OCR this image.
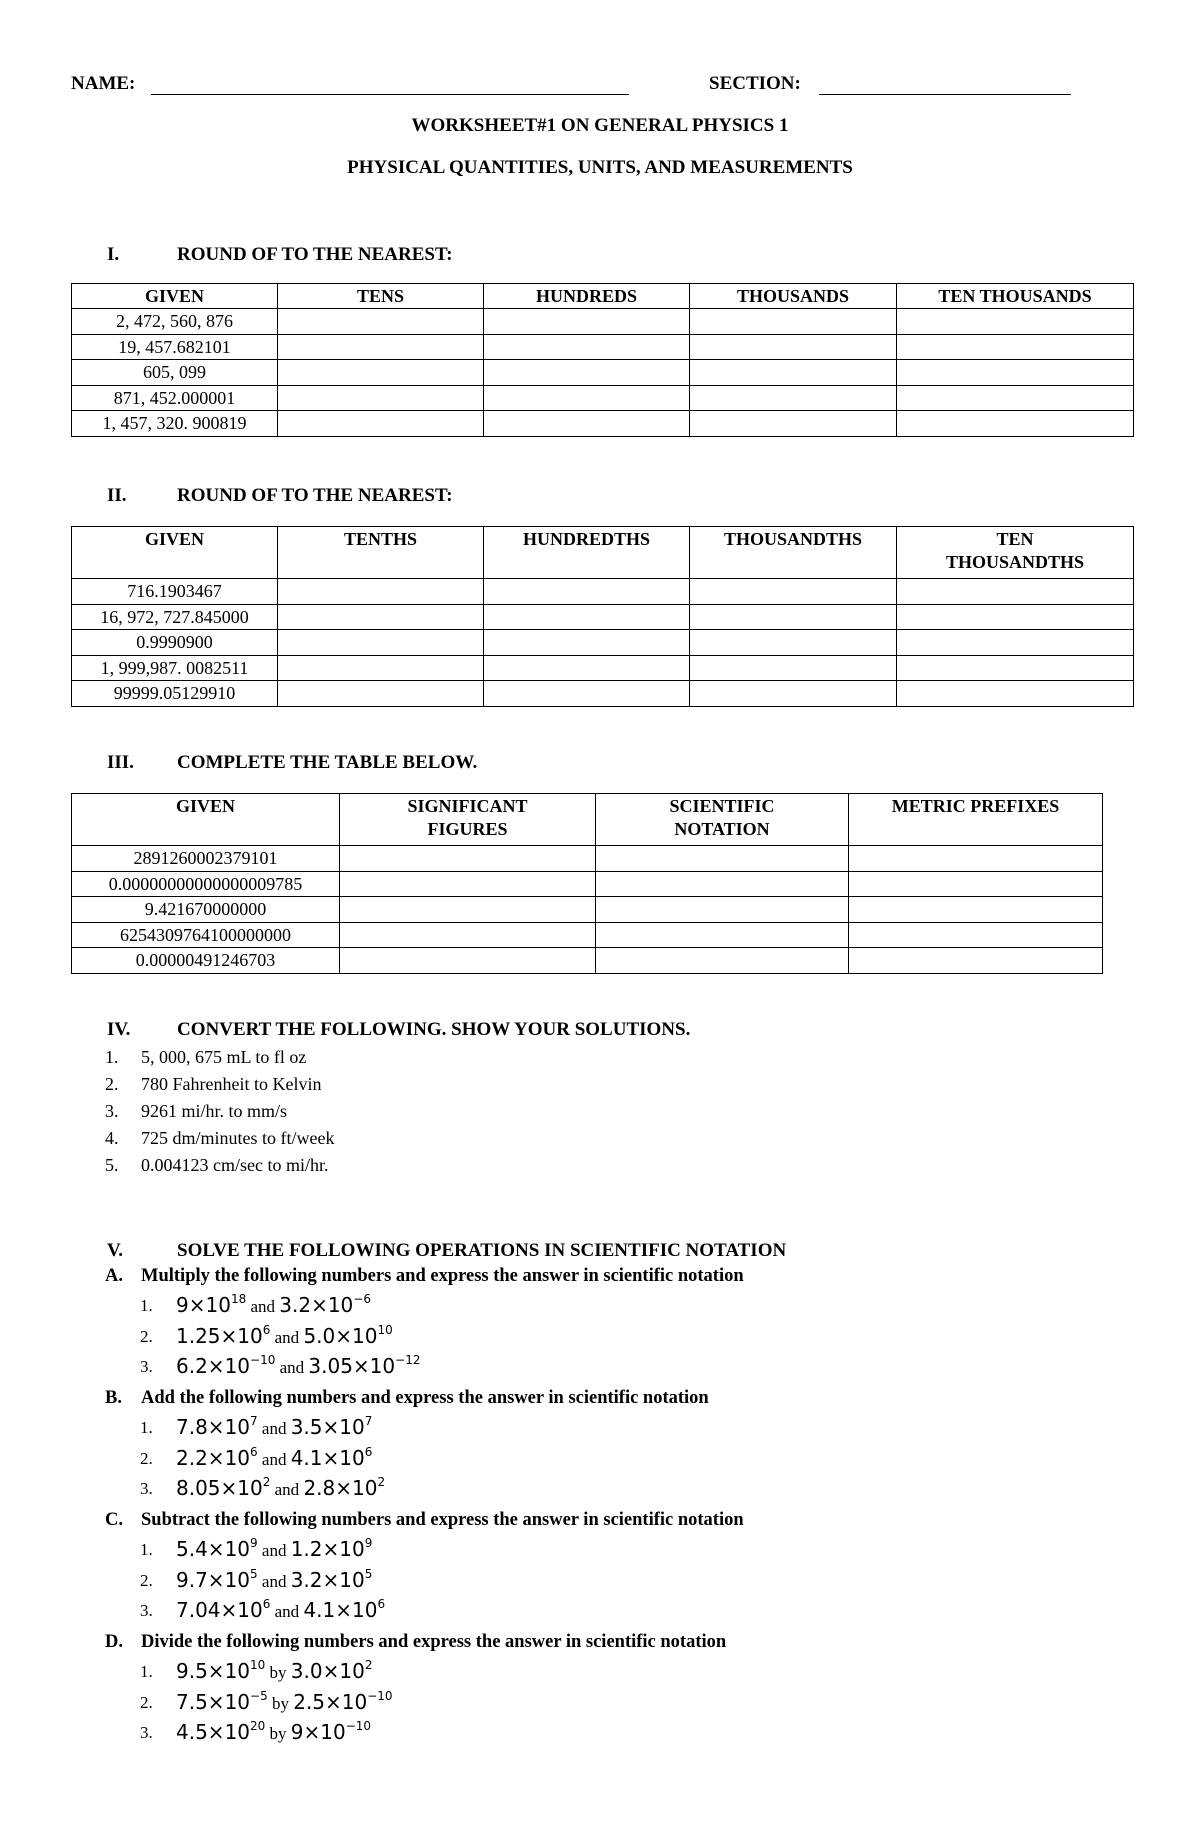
NAME:	SECTION:
WORKSHEET#1 ON GENERAL PHYSICS 1
PHYSICAL QUANTITIES, UNITS, AND MEASUREMENTS
I.	ROUND OF TO THE NEAREST:
GIVEN	TENS	HUNDREDS	THOUSANDS	TEN THOUSANDS
2, 472, 560, 876				
19, 457.682101				
605, 099				
871, 452.000001				
1, 457, 320. 900819				
II.	ROUND OF TO THE NEAREST:
GIVEN	TENTHS	HUNDREDTHS	THOUSANDTHS	TEN THOUSANDTHS
716.1903467				
16, 972, 727.845000				
0.9990900				
1, 999,987. 0082511				
99999.05129910				
III. COMPLETE THE TABLE BELOW.
GIVEN	SIGNIFICANT FIGURES	SCIENTIFIC NOTATION	METRIC PREFIXES
2891260002379101			
0.00000000000000009785			
9.421670000000			
6254309764100000000			
0.00000491246703			
IV. CONVERT THE FOLLOWING. SHOW YOUR SOLUTIONS.
1. 5, 000, 675 mL to fl oz
2. 780 Fahrenheit to Kelvin
3. 9261 mi/hr. to mm/s
4. 725 dm/minutes to ft/week
5. 0.004123 cm/sec to mi/hr.
V.	SOLVE THE FOLLOWING OPERATIONS IN SCIENTIFIC NOTATION
A. Multiply the following numbers and express the answer in scientific notation
1. $9\times 10^{18}$ and $3.2\times 10^{-6}$
2. $1.25\times 10^6$ and $5.0\times 10^{10}$
3. $6.2\times 10^{-10}$ and $3.05\times 10^{-12}$
B. Add the following numbers and express the answer in scientific notation
1. $7.8\times 10^7$ and $3.5\times 10^7$
2. $2.2\times 10^6$ and $4.1\times 10^6$
3. $8.05\times 10^2$ and $2.8\times 10^2$
C. Subtract the following numbers and express the answer in scientific notation
1. $5.4\times 10^9$ and $1.2\times 10^9$
2. $9.7\times 10^5$ and $3.2\times 10^5$
3. $7.04\times 10^6$ and $4.1\times 10^6$
D. Divide the following numbers and express the answer in scientific notation
1. $9.5\times 10^{10}$ by $3.0\times 10^2$
2. $7.5\times 10^{-5}$ by $2.5\times 10^{-10}$
3. $4.5\times 10^{20}$ by $9\times 10^{-10}$
